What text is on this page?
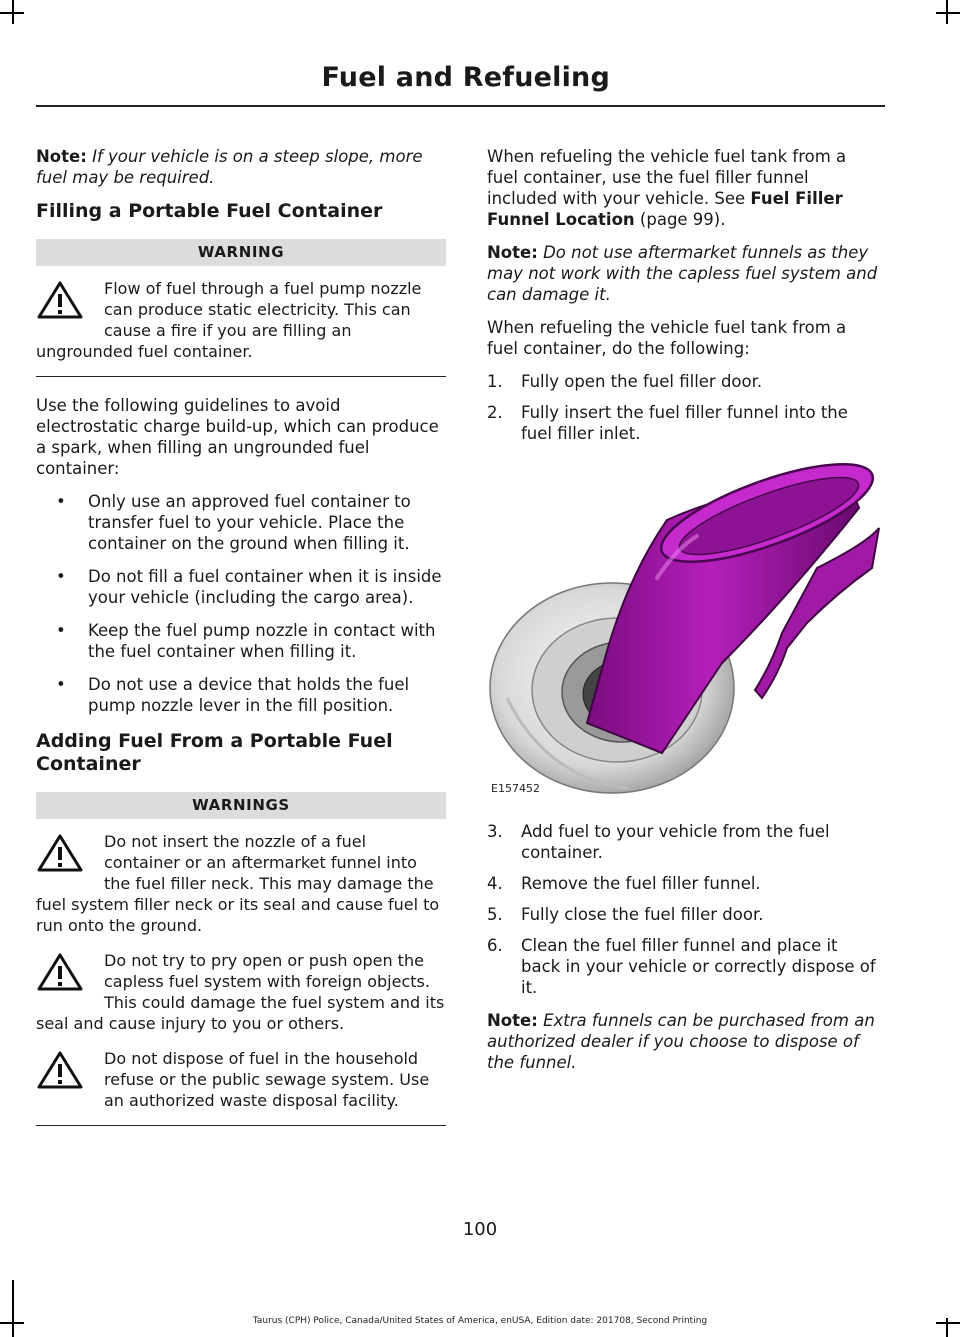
Fuel and Refueling

Note: If your vehicle is on a steep slope, more fuel may be required.

Filling a Portable Fuel Container
WARNING
Flow of fuel through a fuel pump nozzle can produce static electricity. This can cause a fire if you are filling an ungrounded fuel container.

Use the following guidelines to avoid electrostatic charge build-up, which can produce a spark, when filling an ungrounded fuel container:

• Only use an approved fuel container to transfer fuel to your vehicle. Place the container on the ground when filling it.
• Do not fill a fuel container when it is inside your vehicle (including the cargo area).
• Keep the fuel pump nozzle in contact with the fuel container when filling it.
• Do not use a device that holds the fuel pump nozzle lever in the fill position.
Adding Fuel From a Portable Fuel Container
WARNINGS
Do not insert the nozzle of a fuel container or an aftermarket funnel into the fuel filler neck. This may damage the fuel system filler neck or its seal and cause fuel to run onto the ground.
Do not try to pry open or push open the capless fuel system with foreign objects. This could damage the fuel system and its seal and cause injury to you or others.
Do not dispose of fuel in the household refuse or the public sewage system. Use an authorized waste disposal facility.

When refueling the vehicle fuel tank from a fuel container, use the fuel filler funnel included with your vehicle. See Fuel Filler Funnel Location (page 99).

Note: Do not use aftermarket funnels as they may not work with the capless fuel system and can damage it.

When refueling the vehicle fuel tank from a fuel container, do the following:

1. Fully open the fuel filler door.
2. Fully insert the fuel filler funnel into the fuel filler inlet.
E157452
3. Add fuel to your vehicle from the fuel container.
4. Remove the fuel filler funnel.
5. Fully close the fuel filler door.
6. Clean the fuel filler funnel and place it back in your vehicle or correctly dispose of it.

Note: Extra funnels can be purchased from an authorized dealer if you choose to dispose of the funnel.

100
Taurus (CPH) Police, Canada/United States of America, enUSA, Edition date: 201708, Second Printing
